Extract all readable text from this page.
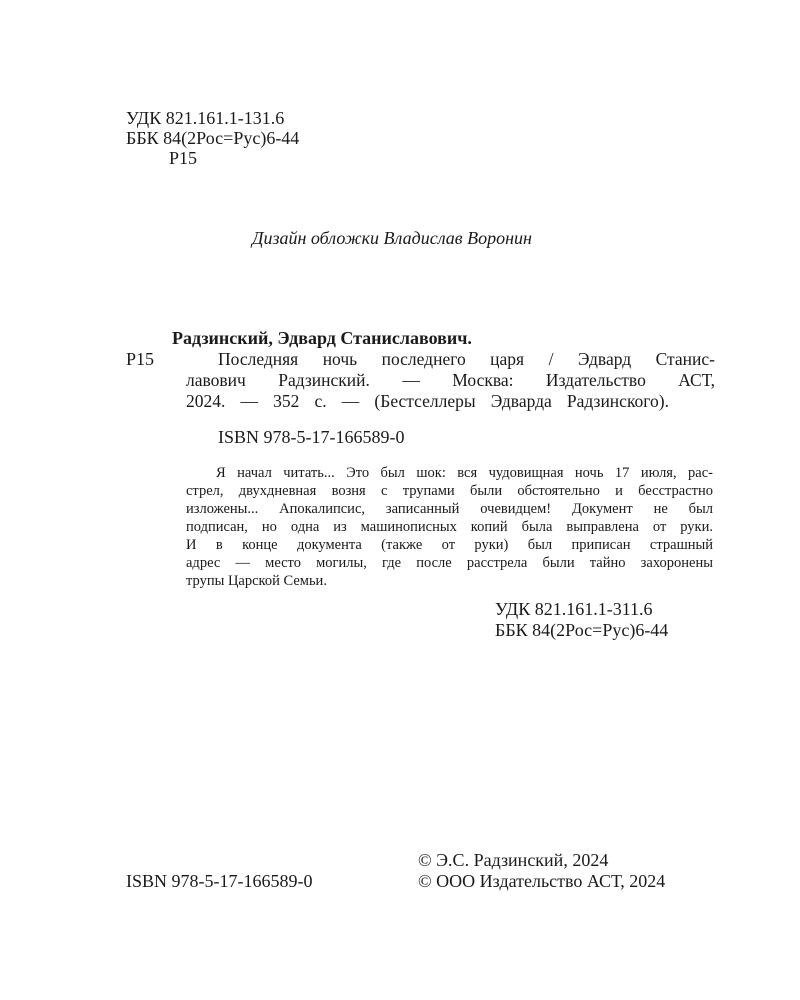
УДК 821.161.1-131.6
ББК 84(2Рос=Рус)6-44
Р15
Дизайн обложки Владислав Воронин
Радзинский, Эдвард Станиславович.
Р15	Последняя ночь последнего царя / Эдвард Станис-
лавович Радзинский. — Москва: Издательство АСТ,
2024. — 352 с. — (Бестселлеры Эдварда Радзинского).
ISBN 978-5-17-166589-0
Я начал читать... Это был шок: вся чудовищная ночь 17 июля, рас-
стрел, двухдневная возня с трупами были обстоятельно и бесстрастно
изложены... Апокалипсис, записанный очевидцем! Документ не был
подписан, но одна из машинописных копий была выправлена от руки.
И в конце документа (также от руки) был приписан страшный
адрес — место могилы, где после расстрела были тайно захоронены
трупы Царской Семьи.
УДК 821.161.1-311.6
ББК 84(2Рос=Рус)6-44
© Э.С. Радзинский, 2024
ISBN 978-5-17-166589-0	© ООО Издательство АСТ, 2024
